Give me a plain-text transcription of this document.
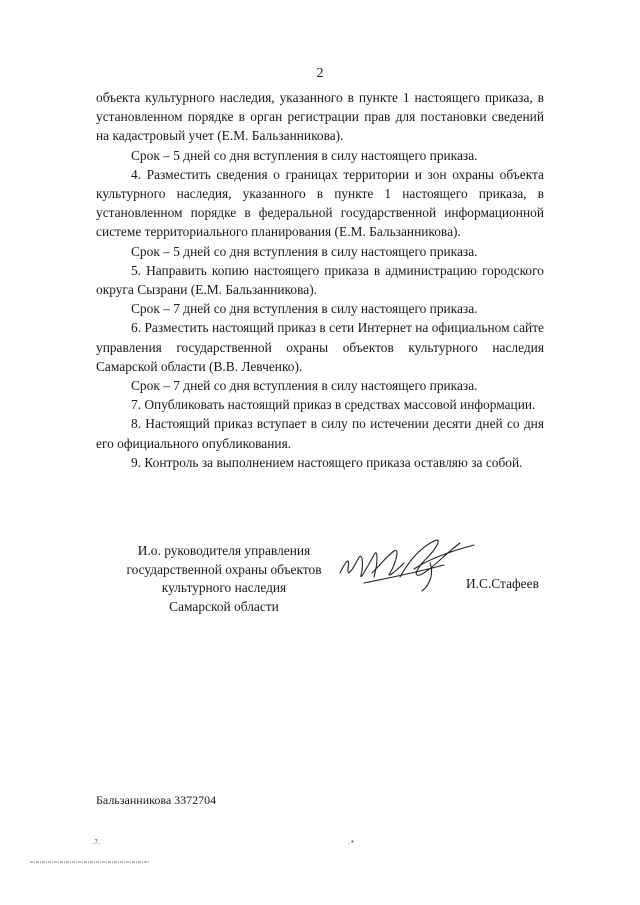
2

объекта культурного наследия, указанного в пункте 1 настоящего приказа, в установленном порядке в орган регистрации прав для постановки сведений на кадастровый учет (Е.М. Бальзанникова).

Срок – 5 дней со дня вступления в силу настоящего приказа.

4. Разместить сведения о границах территории и зон охраны объекта культурного наследия, указанного в пункте 1 настоящего приказа, в установленном порядке в федеральной государственной информационной системе территориального планирования (Е.М. Бальзанникова).

Срок – 5 дней со дня вступления в силу настоящего приказа.

5. Направить копию настоящего приказа в администрацию городского округа Сызрани (Е.М. Бальзанникова).

Срок – 7 дней со дня вступления в силу настоящего приказа.

6. Разместить настоящий приказ в сети Интернет на официальном сайте управления государственной охраны объектов культурного наследия Самарской области (В.В. Левченко).

Срок – 7 дней со дня вступления в силу настоящего приказа.

7. Опубликовать настоящий приказ в средствах массовой информации.

8. Настоящий приказ вступает в силу по истечении десяти дней со дня его официального опубликования.

9. Контроль за выполнением настоящего приказа оставляю за собой.

И.о. руководителя управления
государственной охраны объектов
культурного наследия
Самарской области
И.С.Стафеев
Бальзанникова 3372704
.?.	.•
